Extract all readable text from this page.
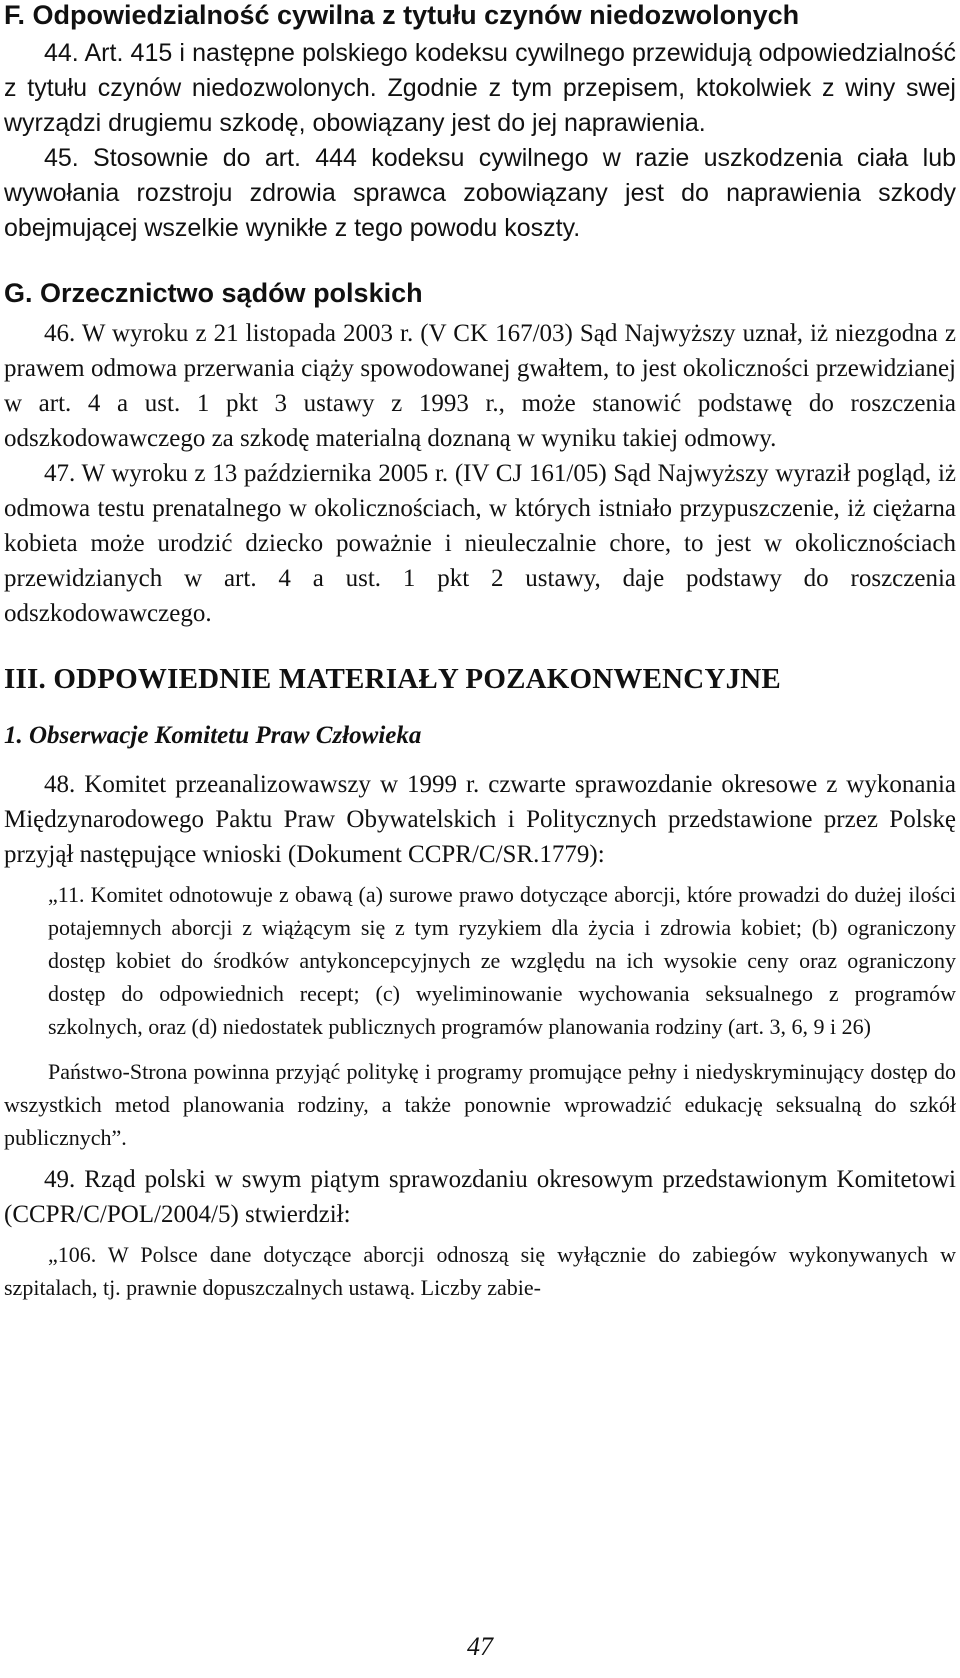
F. Odpowiedzialność cywilna z tytułu czynów niedozwolonych

44. Art. 415 i następne polskiego kodeksu cywilnego przewidują odpowiedzialność z tytułu czynów niedozwolonych. Zgodnie z tym przepisem, ktokolwiek z winy swej wyrządzi drugiemu szkodę, obowiązany jest do jej naprawienia.

45. Stosownie do art. 444 kodeksu cywilnego w razie uszkodzenia ciała lub wywołania rozstroju zdrowia sprawca zobowiązany jest do naprawienia szkody obejmującej wszelkie wynikłe z tego powodu koszty.

G. Orzecznictwo sądów polskich

46. W wyroku z 21 listopada 2003 r. (V CK 167/03) Sąd Najwyższy uznał, iż niezgodna z prawem odmowa przerwania ciąży spowodowanej gwałtem, to jest okoliczności przewidzianej w art. 4 a ust. 1 pkt 3 ustawy z 1993 r., może stanowić podstawę do roszczenia odszkodowawczego za szkodę materialną doznaną w wyniku takiej odmowy.

47. W wyroku z 13 października 2005 r. (IV CJ 161/05) Sąd Najwyższy wyraził pogląd, iż odmowa testu prenatalnego w okolicznościach, w których istniało przypuszczenie, iż ciężarna kobieta może urodzić dziecko poważnie i nieuleczalnie chore, to jest w okolicznościach przewidzianych w art. 4 a ust. 1 pkt 2 ustawy, daje podstawy do roszczenia odszkodowawczego.

III. ODPOWIEDNIE MATERIAŁY POZAKONWENCYJNE
1. Obserwacje Komitetu Praw Człowieka

48. Komitet przeanalizowawszy w 1999 r. czwarte sprawozdanie okresowe z wykonania Międzynarodowego Paktu Praw Obywatelskich i Politycznych przedstawione przez Polskę przyjął następujące wnioski (Dokument CCPR/C/SR.1779):

„11. Komitet odnotowuje z obawą (a) surowe prawo dotyczące aborcji, które prowadzi do dużej ilości potajemnych aborcji z wiążącym się z tym ryzykiem dla życia i zdrowia kobiet; (b) ograniczony dostęp kobiet do środków antykoncepcyjnych ze względu na ich wysokie ceny oraz ograniczony dostęp do odpowiednich recept; (c) wyeliminowanie wychowania seksualnego z programów szkolnych, oraz (d) niedostatek publicznych programów planowania rodziny (art. 3, 6, 9 i 26)

Państwo-Strona powinna przyjąć politykę i programy promujące pełny i niedyskryminujący dostęp do wszystkich metod planowania rodziny, a także ponownie wprowadzić edukację seksualną do szkół publicznych”.

49. Rząd polski w swym piątym sprawozdaniu okresowym przedstawionym Komitetowi (CCPR/C/POL/2004/5) stwierdził:

„106. W Polsce dane dotyczące aborcji odnoszą się wyłącznie do zabiegów wykonywanych w szpitalach, tj. prawnie dopuszczalnych ustawą. Liczby zabie-

47
